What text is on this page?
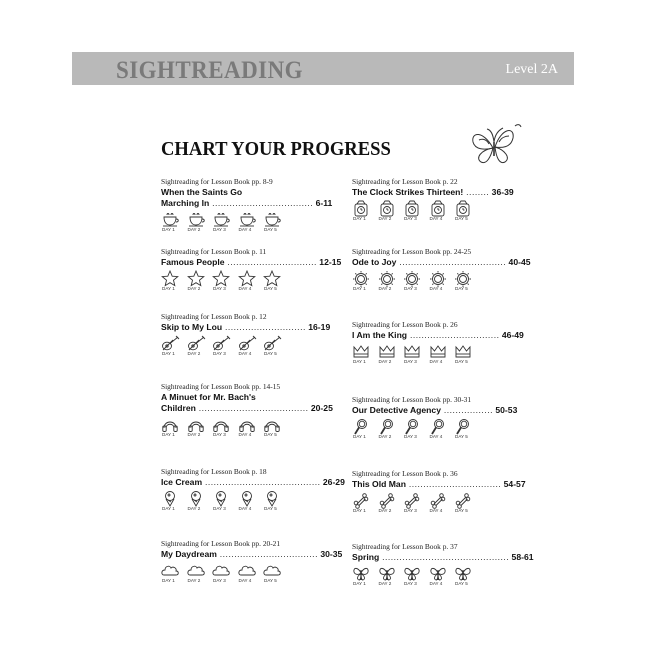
SIGHTREADING	Level 2A
CHART YOUR PROGRESS
Sightreading for Lesson Book pp. 8-9
When the Saints Go
Marching In ................................... 6-11
DAY 1	DAY 2	DAY 3	DAY 4	DAY 5
Sightreading for Lesson Book p. 11
Famous People ............................... 12-15
DAY 1	DAY 2	DAY 3	DAY 4	DAY 5
Sightreading for Lesson Book p. 12
Skip to My Lou ............................ 16-19
DAY 1	DAY 2	DAY 3	DAY 4	DAY 5
Sightreading for Lesson Book pp. 14-15
A Minuet for Mr. Bach's
Children ...................................... 20-25
DAY 1	DAY 2	DAY 3	DAY 4	DAY 5
Sightreading for Lesson Book p. 18
Ice Cream ........................................ 26-29
DAY 1	DAY 2	DAY 3	DAY 4	DAY 5
Sightreading for Lesson Book pp. 20-21
My Daydream .................................. 30-35
DAY 1	DAY 2	DAY 3	DAY 4	DAY 5
Sightreading for Lesson Book p. 22
The Clock Strikes Thirteen! ........ 36-39
DAY 1	DAY 2	DAY 3	DAY 4	DAY 5
Sightreading for Lesson Book pp. 24-25
Ode to Joy ..................................... 40-45
DAY 1	DAY 2	DAY 3	DAY 4	DAY 5
Sightreading for Lesson Book p. 26
I Am the King ............................... 46-49
DAY 1	DAY 2	DAY 3	DAY 4	DAY 5
Sightreading for Lesson Book pp. 30-31
Our Detective Agency ................. 50-53
DAY 1	DAY 2	DAY 3	DAY 4	DAY 5
Sightreading for Lesson Book p. 36
This Old Man ................................ 54-57
DAY 1	DAY 2	DAY 3	DAY 4	DAY 5
Sightreading for Lesson Book p. 37
Spring ............................................ 58-61
DAY 1	DAY 2	DAY 3	DAY 4	DAY 5
